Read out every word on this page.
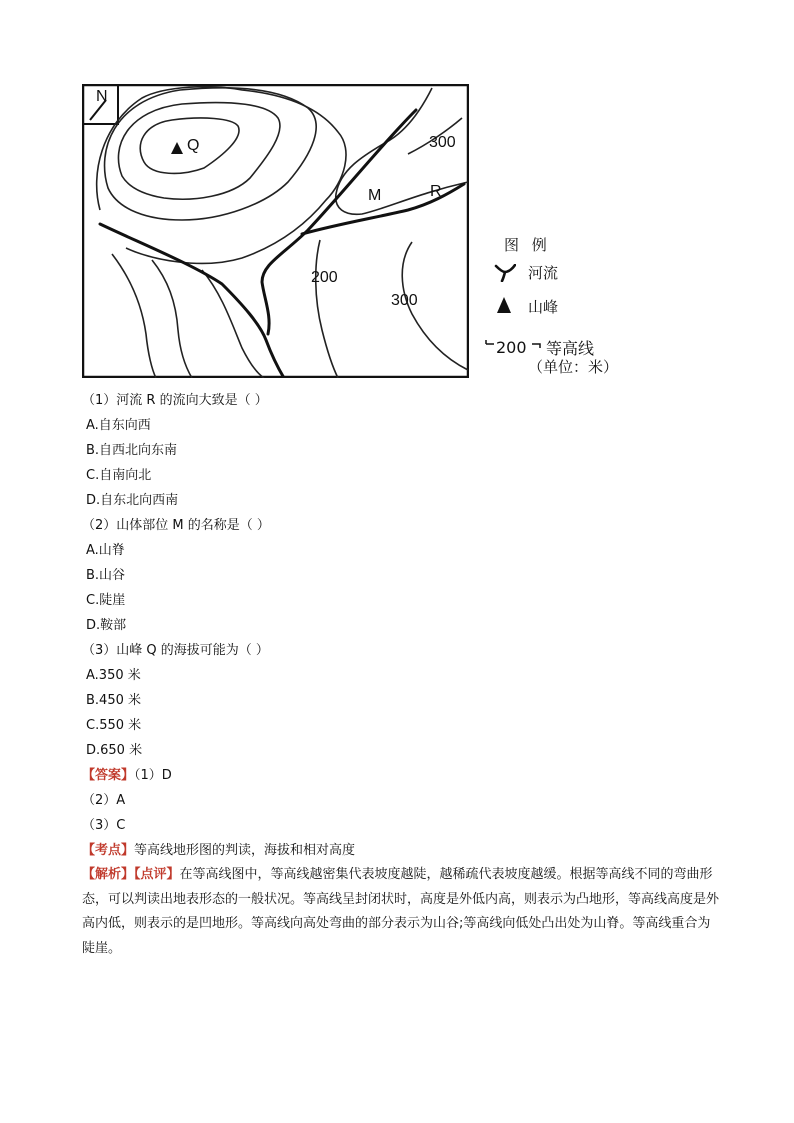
N
Q
M	R
300
200
300
图 例
河流
山峰
200 等高线
（单位：米）

（1）河流 R 的流向大致是（ ）

A.自东向西

B.自西北向东南

C.自南向北

D.自东北向西南

（2）山体部位 M 的名称是（ ）

A.山脊

B.山谷

C.陡崖

D.鞍部

（3）山峰 Q 的海拔可能为（ ）

A.350 米

B.450 米

C.550 米

D.650 米

【答案】（1）D

（2）A

（3）C

【考点】等高线地形图的判读，海拔和相对高度

【解析】【点评】在等高线图中，等高线越密集代表坡度越陡，越稀疏代表坡度越缓。根据等高线不同的弯曲形态，可以判读出地表形态的一般状况。等高线呈封闭状时，高度是外低内高，则表示为凸地形，等高线高度是外高内低，则表示的是凹地形。等高线向高处弯曲的部分表示为山谷;等高线向低处凸出处为山脊。等高线重合为陡崖。
